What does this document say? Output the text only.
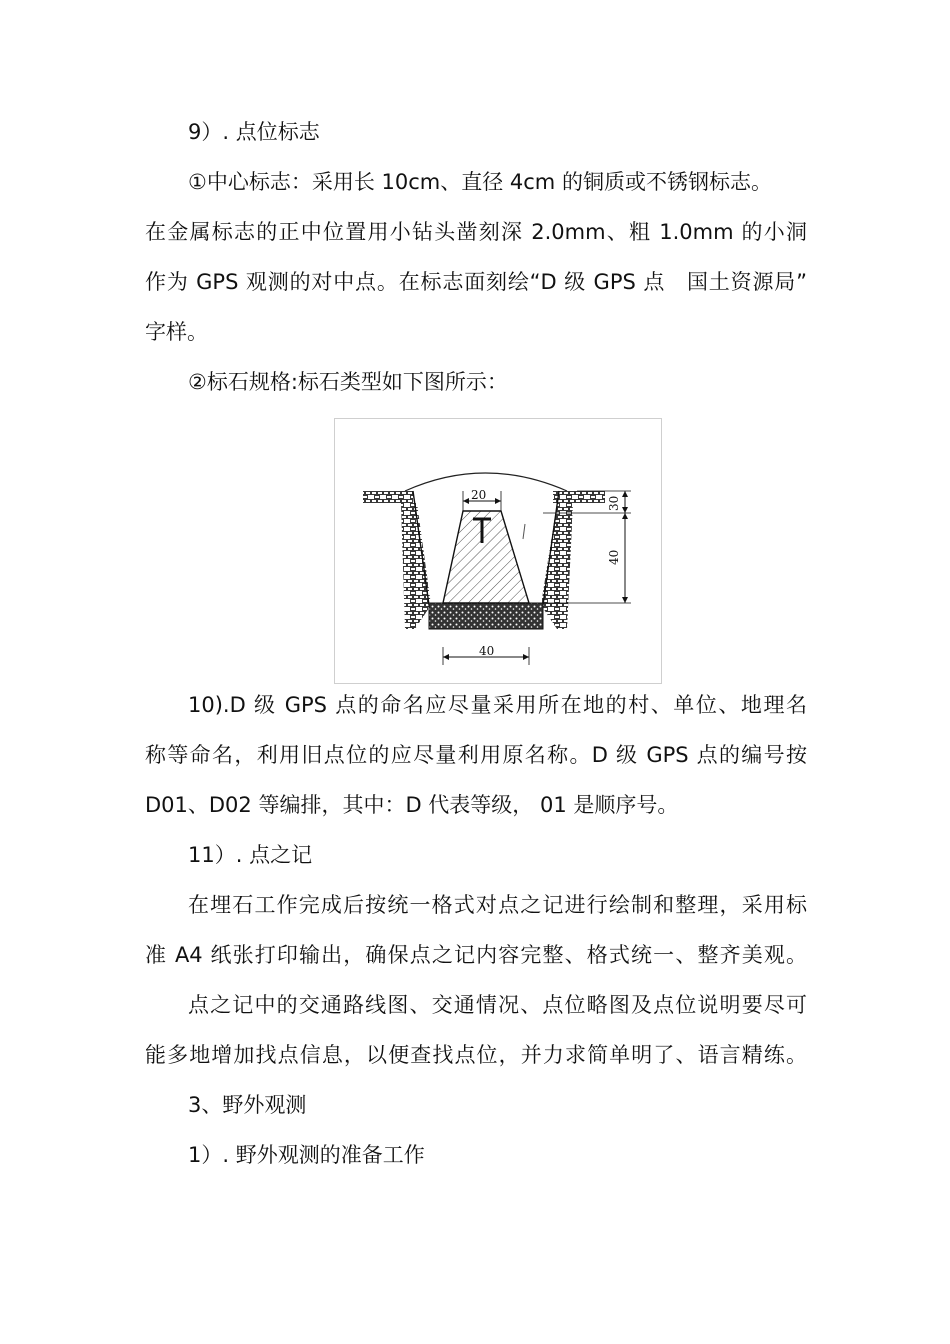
9）. 点位标志
①中心标志：采用长 10cm、直径 4cm 的铜质或不锈钢标志。
在金属标志的正中位置用小钻头凿刻深 2.0mm、粗 1.0mm 的小洞
作为 GPS 观测的对中点。在标志面刻绘“D 级 GPS 点　国土资源局”
字样。
②标石规格:标石类型如下图所示：
20
40
30
40
10).D 级 GPS 点的命名应尽量采用所在地的村、单位、地理名
称等命名，利用旧点位的应尽量利用原名称。D 级 GPS 点的编号按
D01、D02 等编排，其中：D 代表等级， 01 是顺序号。
11）. 点之记
在埋石工作完成后按统一格式对点之记进行绘制和整理，采用标
准 A4 纸张打印输出，确保点之记内容完整、格式统一、整齐美观。
点之记中的交通路线图、交通情况、点位略图及点位说明要尽可
能多地增加找点信息，以便查找点位，并力求简单明了、语言精练。
3、野外观测
1）. 野外观测的准备工作
